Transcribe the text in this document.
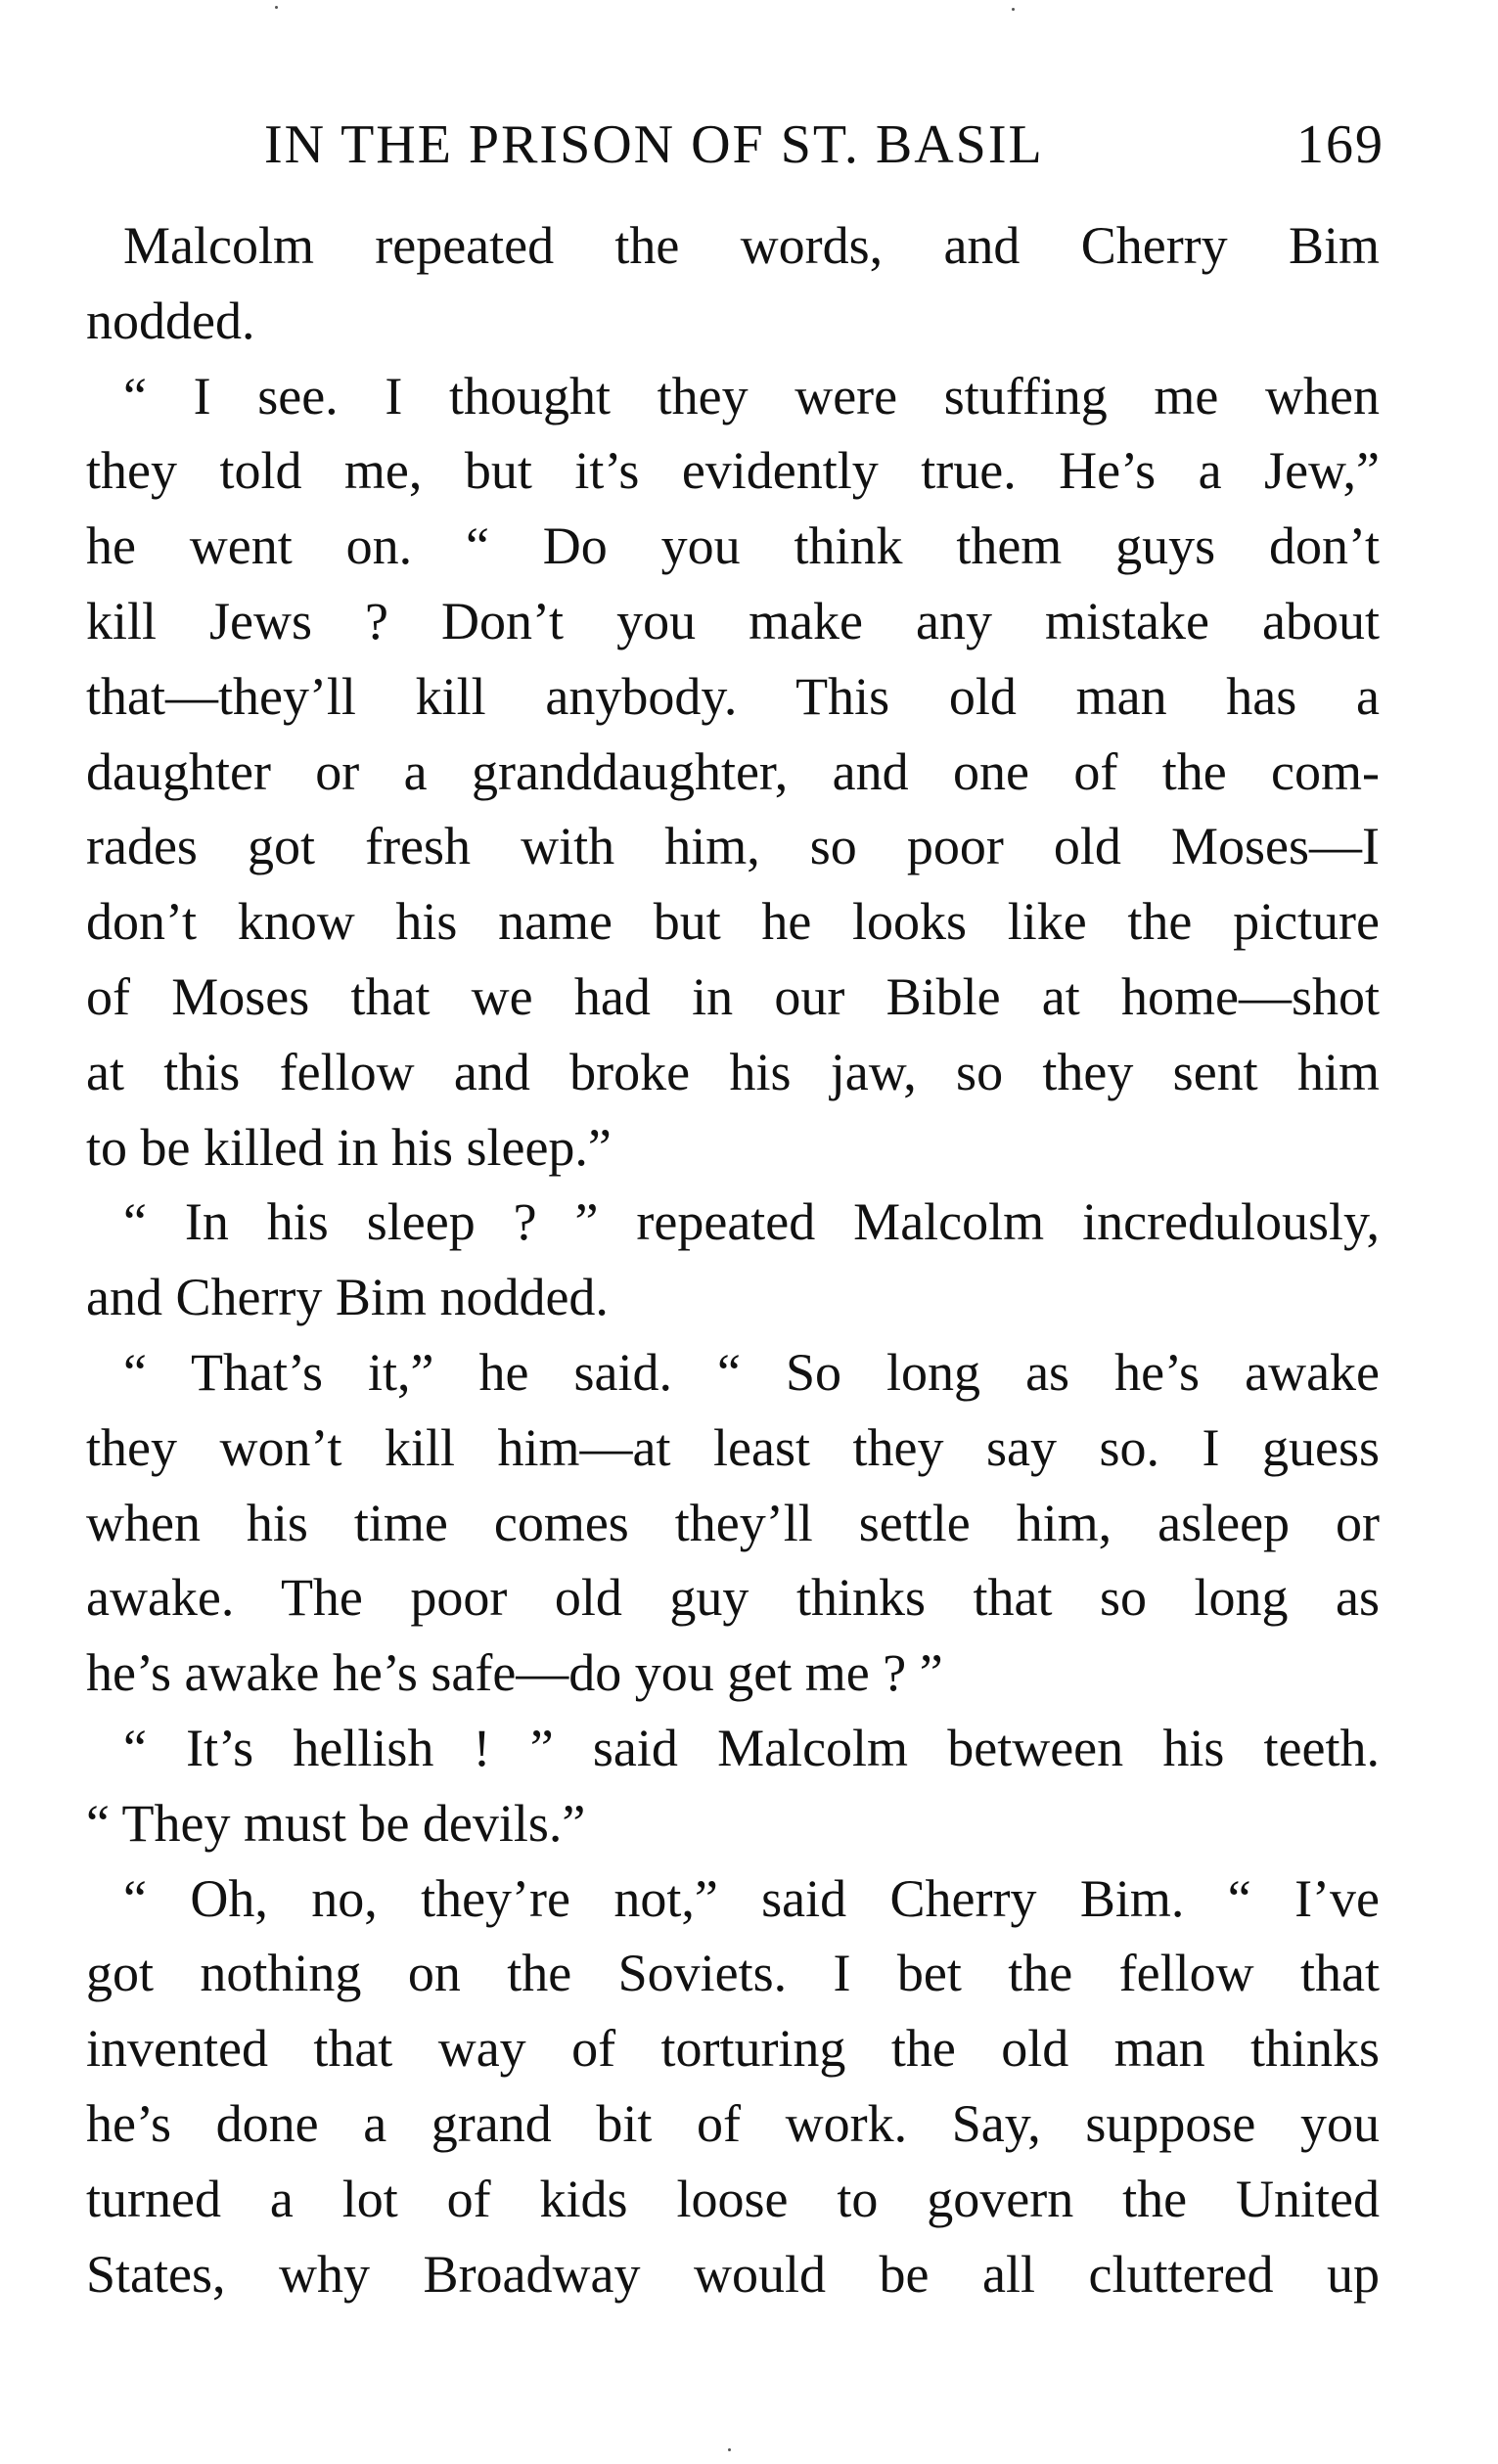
IN THE PRISON OF ST. BASIL	169
Malcolm repeated the words, and Cherry Bim
nodded.
“ I see. I thought they were stuffing me when
they told me, but it’s evidently true. He’s a Jew,”
he went on. “ Do you think them guys don’t
kill Jews ? Don’t you make any mistake about
that—they’ll kill anybody. This old man has a
daughter or a granddaughter, and one of the com-
rades got fresh with him, so poor old Moses—I
don’t know his name but he looks like the picture
of Moses that we had in our Bible at home—shot
at this fellow and broke his jaw, so they sent him
to be killed in his sleep.”
“ In his sleep ? ” repeated Malcolm incredulously,
and Cherry Bim nodded.
“ That’s it,” he said. “ So long as he’s awake
they won’t kill him—at least they say so. I guess
when his time comes they’ll settle him, asleep or
awake. The poor old guy thinks that so long as
he’s awake he’s safe—do you get me ? ”
“ It’s hellish ! ” said Malcolm between his teeth.
“ They must be devils.”
“ Oh, no, they’re not,” said Cherry Bim. “ I’ve
got nothing on the Soviets. I bet the fellow that
invented that way of torturing the old man thinks
he’s done a grand bit of work. Say, suppose you
turned a lot of kids loose to govern the United
States, why Broadway would be all cluttered up
